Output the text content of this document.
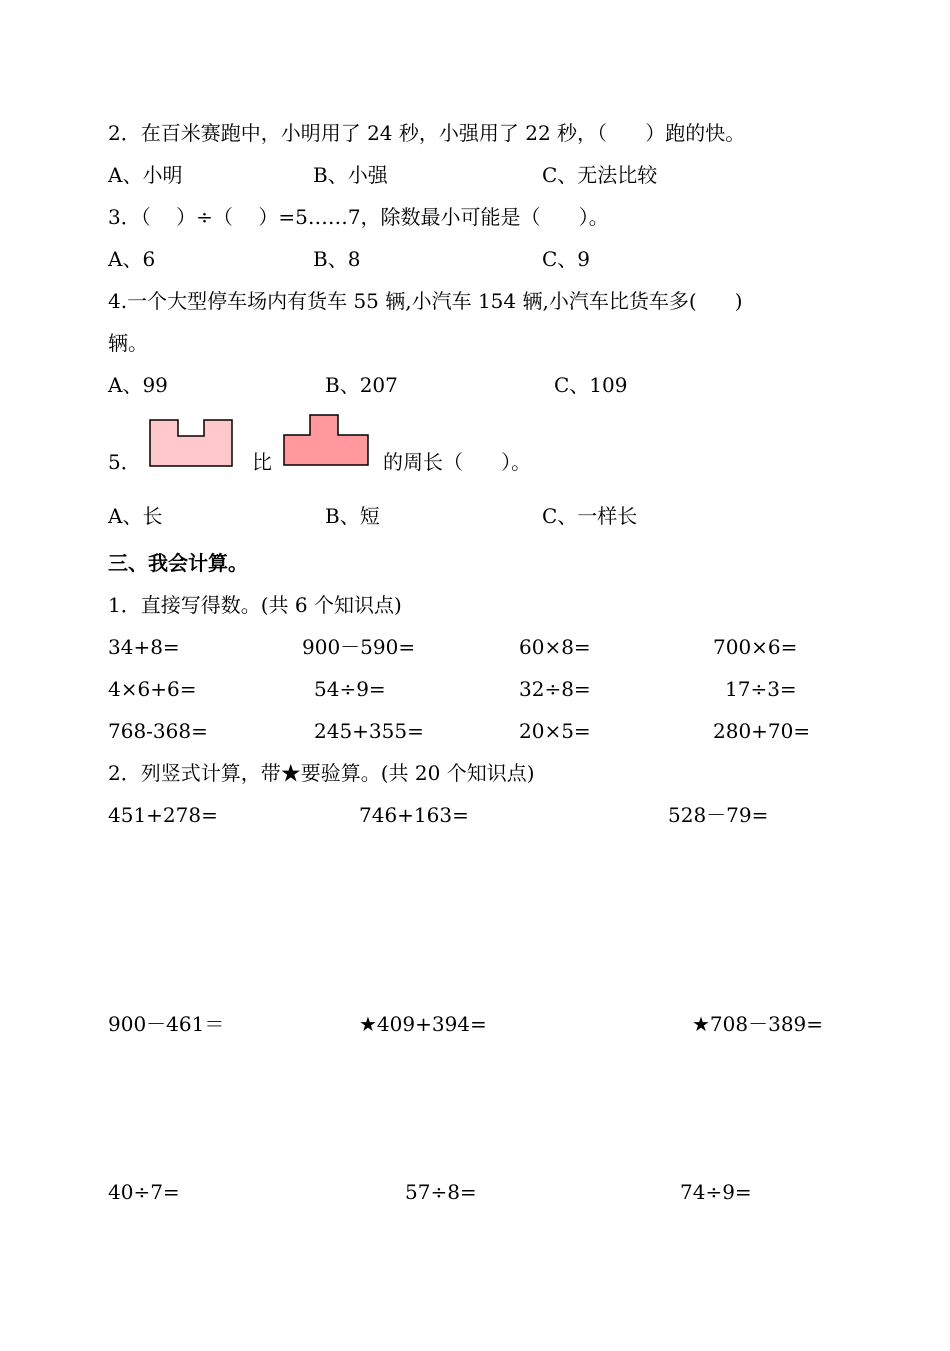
2．在百米赛跑中，小明用了 24 秒，小强用了 22 秒，（      ）跑的快。
A、小明	B、小强	C、无法比较
3．（    ）÷（    ）=5……7，除数最小可能是（      ）。
A、6	B、8	C、9
4.一个大型停车场内有货车 55 辆,小汽车 154 辆,小汽车比货车多(      )
辆。
A、99	B、207	C、109
5．	比	的周长（      ）。
A、长	B、短	C、一样长
三、我会计算。
1．直接写得数。(共 6 个知识点)
34+8=	900－590=	60×8=	700×6=
4×6+6=	54÷9=	32÷8=	17÷3=
768-368=	245+355=	20×5=	280+70=
2．列竖式计算，带★要验算。(共 20 个知识点)
451+278=	746+163=	528－79=
900－461＝	★409+394=	★708－389=
40÷7=	57÷8=	74÷9=
